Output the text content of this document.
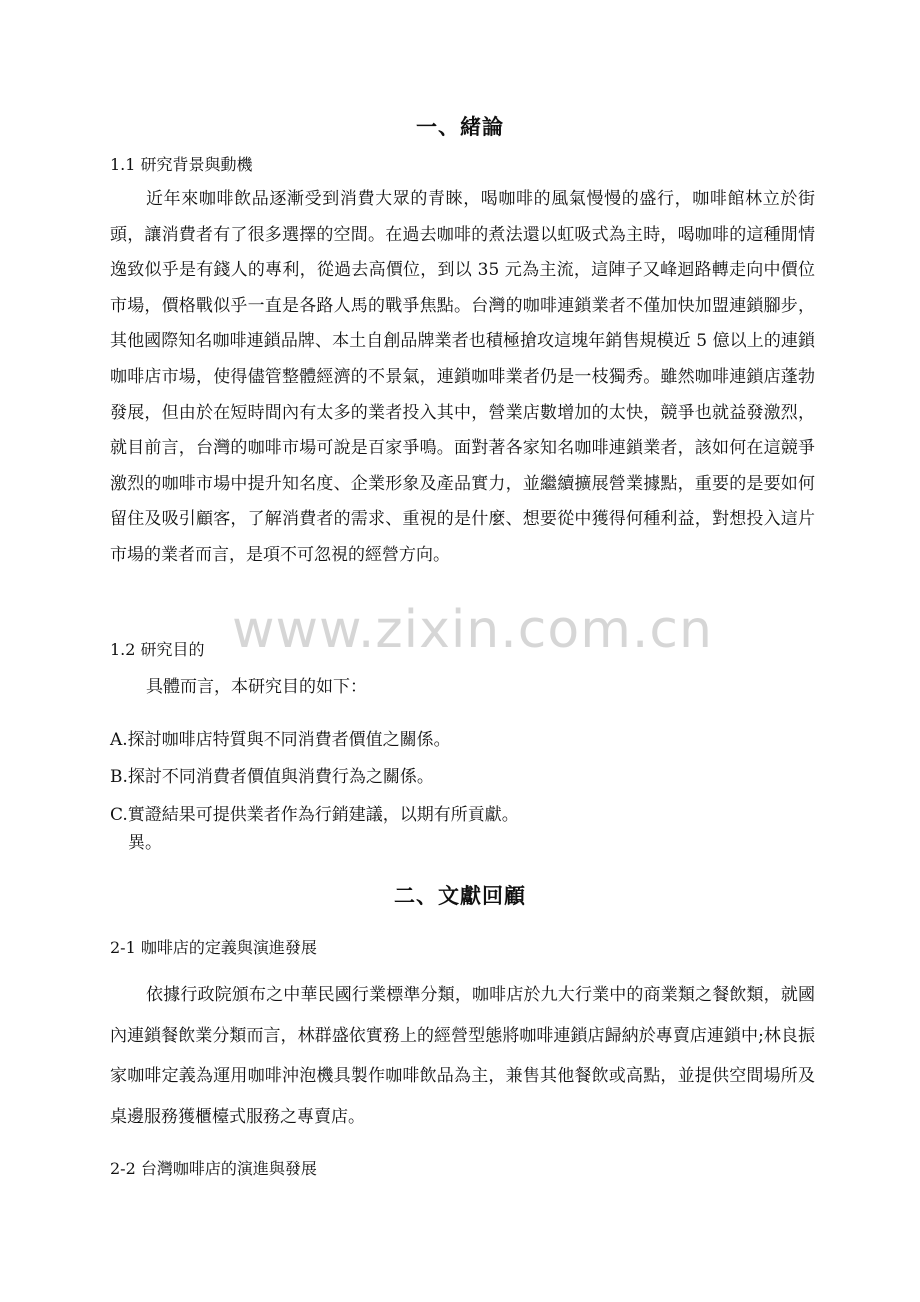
一、緒論
1.1 研究背景與動機

近年來咖啡飲品逐漸受到消費大眾的青睞，喝咖啡的風氣慢慢的盛行，咖啡館林立於街頭，讓消費者有了很多選擇的空間。在過去咖啡的煮法還以虹吸式為主時，喝咖啡的這種閒情逸致似乎是有錢人的專利，從過去高價位，到以 35 元為主流，這陣子又峰迴路轉走向中價位市場，價格戰似乎一直是各路人馬的戰爭焦點。台灣的咖啡連鎖業者不僅加快加盟連鎖腳步，其他國際知名咖啡連鎖品牌、本土自創品牌業者也積極搶攻這塊年銷售規模近 5 億以上的連鎖咖啡店市場，使得儘管整體經濟的不景氣，連鎖咖啡業者仍是一枝獨秀。雖然咖啡連鎖店蓬勃發展，但由於在短時間內有太多的業者投入其中，營業店數增加的太快，競爭也就益發激烈，就目前言，台灣的咖啡市場可說是百家爭鳴。面對著各家知名咖啡連鎖業者，該如何在這競爭激烈的咖啡市場中提升知名度、企業形象及產品實力，並繼續擴展營業據點，重要的是要如何留住及吸引顧客，了解消費者的需求、重視的是什麼、想要從中獲得何種利益，對想投入這片市場的業者而言，是項不可忽視的經營方向。

1.2 研究目的

具體而言，本研究目的如下：

A.探討咖啡店特質與不同消費者價值之關係。
B.探討不同消費者價值與消費行為之關係。
C.實證結果可提供業者作為行銷建議，以期有所貢獻。
異。
二、文獻回顧
2-1 咖啡店的定義與演進發展

依據行政院頒布之中華民國行業標準分類，咖啡店於九大行業中的商業類之餐飲類，就國內連鎖餐飲業分類而言，林群盛依實務上的經營型態將咖啡連鎖店歸納於專賣店連鎖中;林良振家咖啡定義為運用咖啡沖泡機具製作咖啡飲品為主，兼售其他餐飲或高點，並提供空間場所及桌邊服務獲櫃檯式服務之專賣店。

2-2 台灣咖啡店的演進與發展
www.zixin.com.cn
